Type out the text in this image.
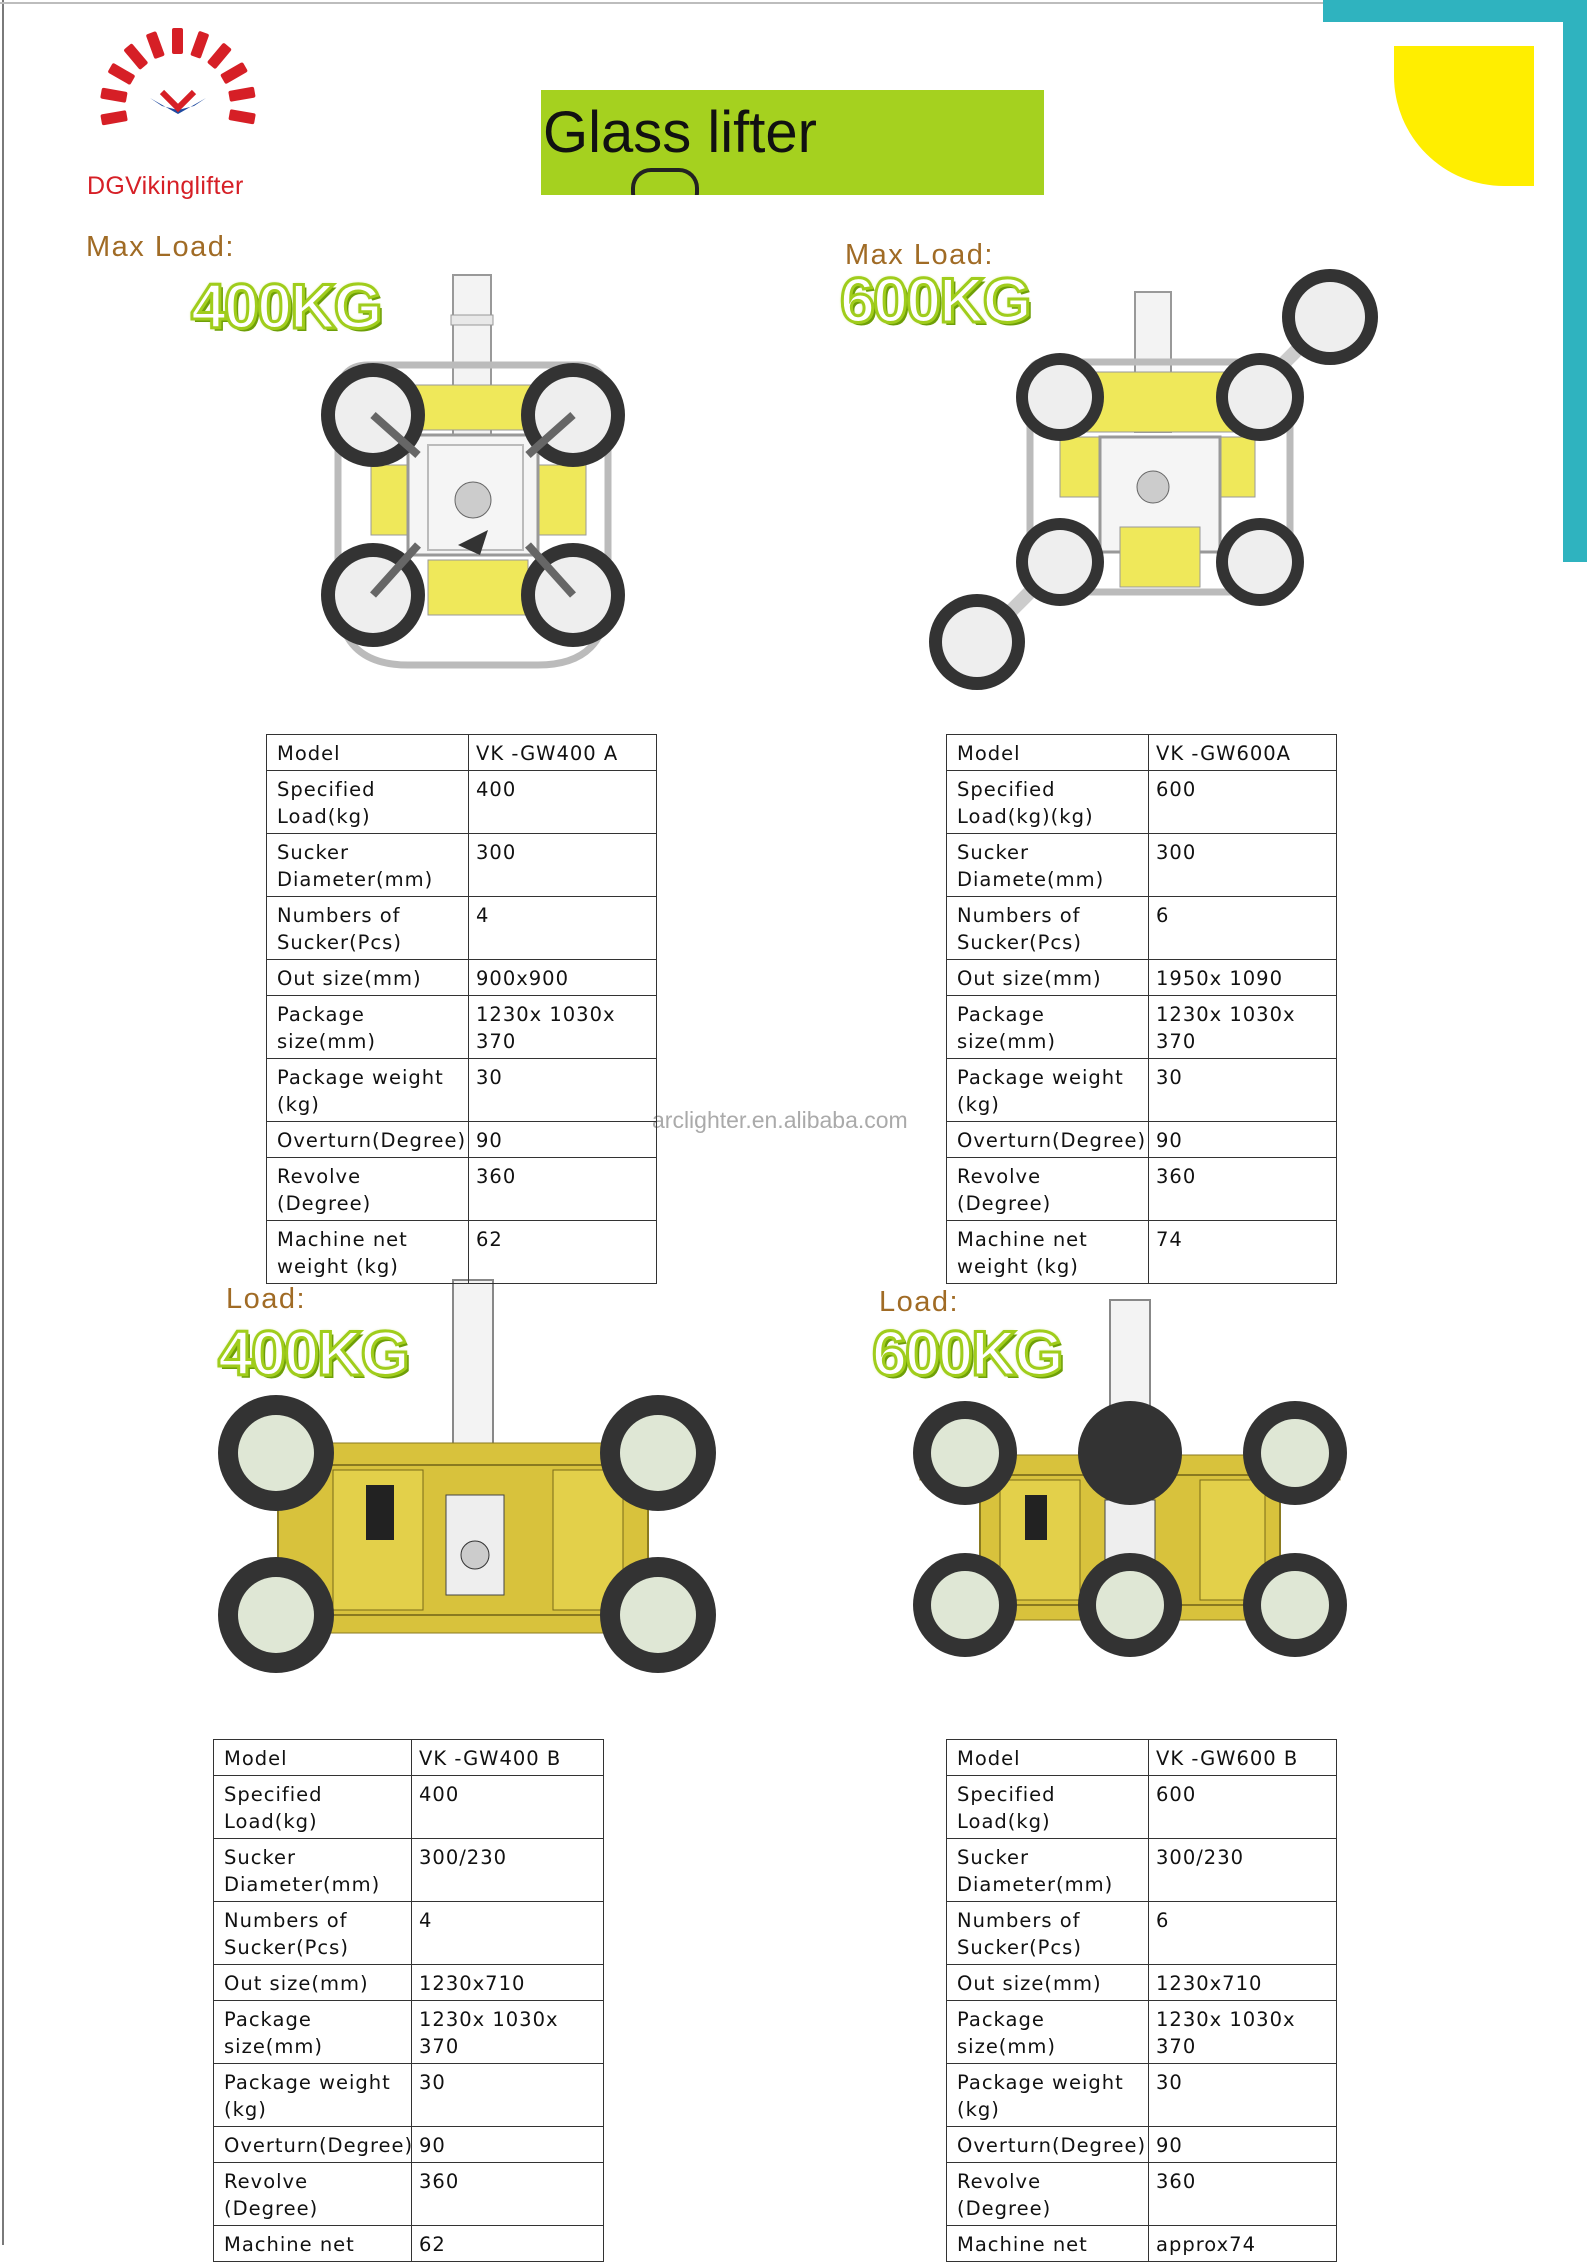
DGVikinglifter
Glass lifter
Max Load:
400KG
Max Load:
600KG
Load:
400KG
Load:
600KG
arclighter.en.alibaba.com
Model	VK -GW400 A
Specified Load(kg)	400
Sucker Diameter(mm)	300
Numbers of Sucker(Pcs)	4
Out size(mm)	900x900
Package size(mm)	1230x 1030x 370
Package weight (kg)	30
Overturn(Degree)	90
Revolve (Degree)	360
Machine net weight (kg)	62
Model	VK -GW600A
Specified Load(kg)(kg)	600
Sucker Diamete(mm)	300
Numbers of Sucker(Pcs)	6
Out size(mm)	1950x 1090
Package size(mm)	1230x 1030x 370
Package weight (kg)	30
Overturn(Degree)	90
Revolve (Degree)	360
Machine net weight (kg)	74
Model	VK -GW400 B
Specified Load(kg)	400
Sucker Diameter(mm)	300/230
Numbers of Sucker(Pcs)	4
Out size(mm)	1230x710
Package size(mm)	1230x 1030x 370
Package weight (kg)	30
Overturn(Degree)	90
Revolve (Degree)	360
Machine net	62
Model	VK -GW600 B
Specified Load(kg)	600
Sucker Diameter(mm)	300/230
Numbers of Sucker(Pcs)	6
Out size(mm)	1230x710
Package size(mm)	1230x 1030x 370
Package weight (kg)	30
Overturn(Degree)	90
Revolve (Degree)	360
Machine net	approx74
